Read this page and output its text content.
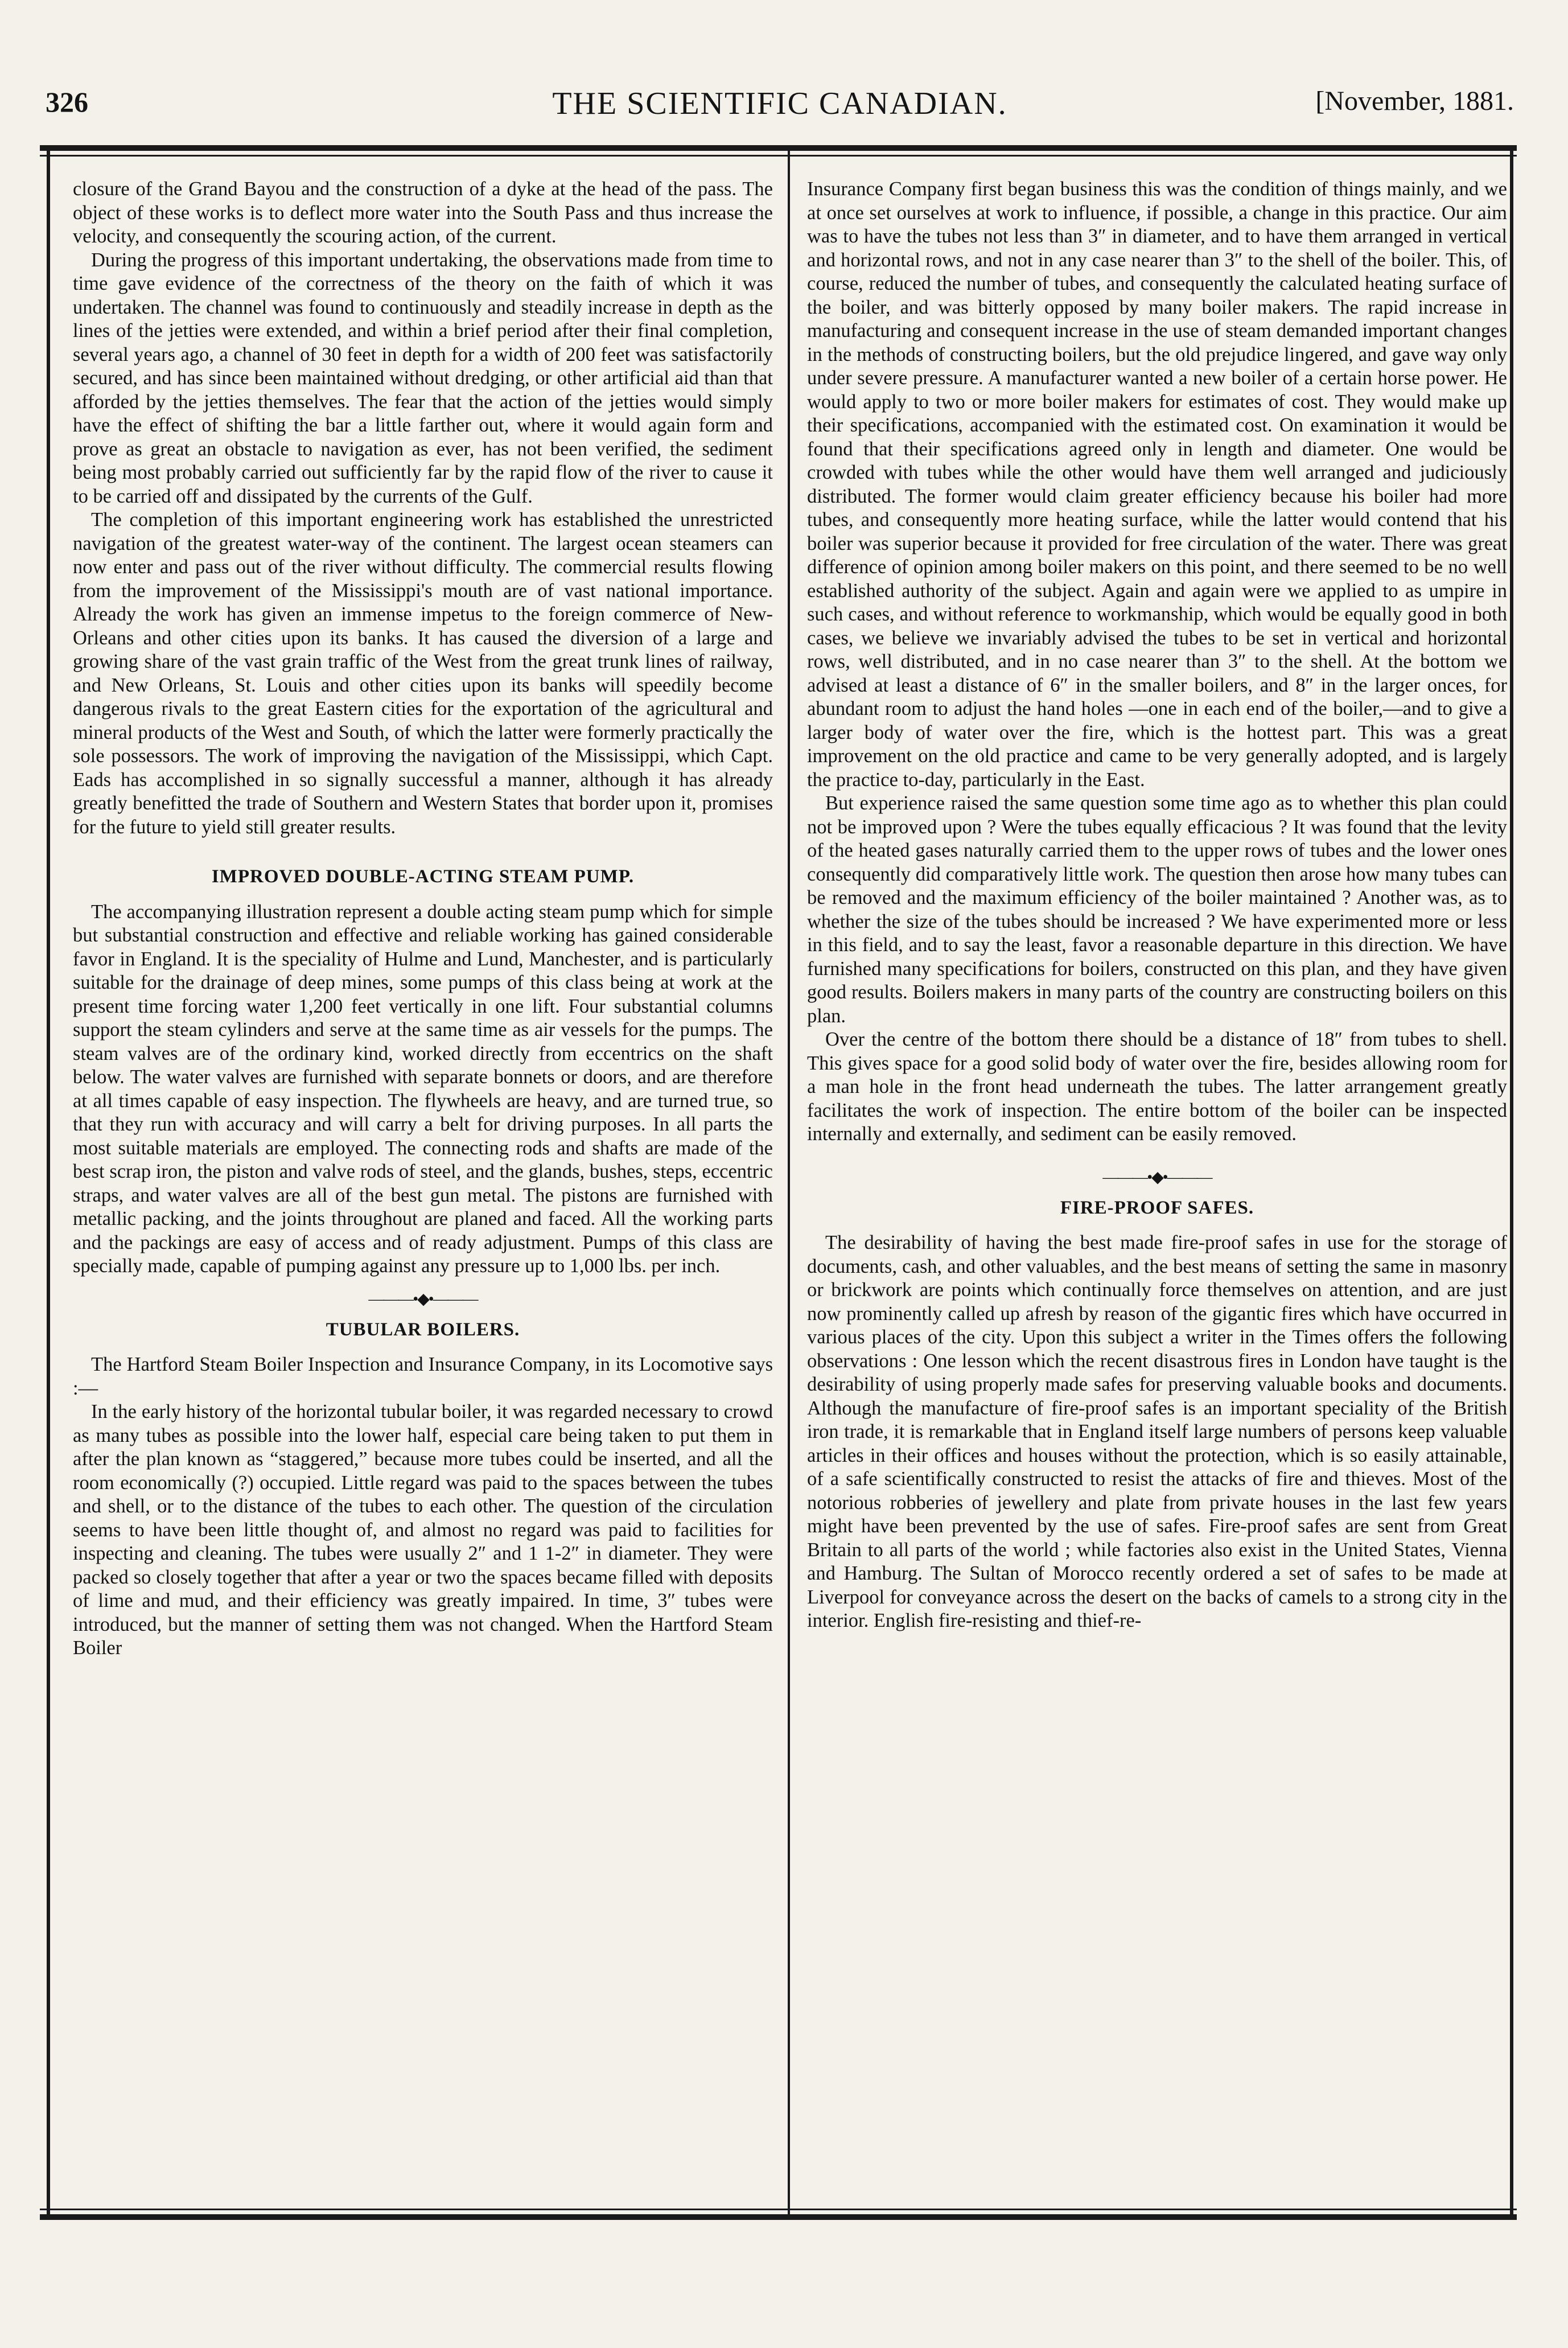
326	THE SCIENTIFIC CANADIAN.	[November, 1881.

closure of the Grand Bayou and the construction of a dyke at the head of the pass. The object of these works is to deflect more water into the South Pass and thus increase the velocity, and consequently the scouring action, of the current.

During the progress of this important undertaking, the observations made from time to time gave evidence of the correctness of the theory on the faith of which it was undertaken. The channel was found to continuously and steadily increase in depth as the lines of the jetties were extended, and within a brief period after their final completion, several years ago, a channel of 30 feet in depth for a width of 200 feet was satisfactorily secured, and has since been maintained without dredging, or other artificial aid than that afforded by the jetties themselves. The fear that the action of the jetties would simply have the effect of shifting the bar a little farther out, where it would again form and prove as great an obstacle to navigation as ever, has not been verified, the sediment being most probably carried out sufficiently far by the rapid flow of the river to cause it to be carried off and dissipated by the currents of the Gulf.

The completion of this important engineering work has established the unrestricted navigation of the greatest water-way of the continent. The largest ocean steamers can now enter and pass out of the river without difficulty. The commercial results flowing from the improvement of the Mississippi's mouth are of vast national importance. Already the work has given an immense impetus to the foreign commerce of New-Orleans and other cities upon its banks. It has caused the diversion of a large and growing share of the vast grain traffic of the West from the great trunk lines of railway, and New Orleans, St. Louis and other cities upon its banks will speedily become dangerous rivals to the great Eastern cities for the exportation of the agricultural and mineral products of the West and South, of which the latter were formerly practically the sole possessors. The work of improving the navigation of the Mississippi, which Capt. Eads has accomplished in so signally successful a manner, although it has already greatly benefitted the trade of Southern and Western States that border upon it, promises for the future to yield still greater results.

IMPROVED DOUBLE-ACTING STEAM PUMP.

The accompanying illustration represent a double acting steam pump which for simple but substantial construction and effective and reliable working has gained considerable favor in England. It is the speciality of Hulme and Lund, Manchester, and is particularly suitable for the drainage of deep mines, some pumps of this class being at work at the present time forcing water 1,200 feet vertically in one lift. Four substantial columns support the steam cylinders and serve at the same time as air vessels for the pumps. The steam valves are of the ordinary kind, worked directly from eccentrics on the shaft below. The water valves are furnished with separate bonnets or doors, and are therefore at all times capable of easy inspection. The flywheels are heavy, and are turned true, so that they run with accuracy and will carry a belt for driving purposes. In all parts the most suitable materials are employed. The connecting rods and shafts are made of the best scrap iron, the piston and valve rods of steel, and the glands, bushes, steps, eccentric straps, and water valves are all of the best gun metal. The pistons are furnished with metallic packing, and the joints throughout are planed and faced. All the working parts and the packings are easy of access and of ready adjustment. Pumps of this class are specially made, capable of pumping against any pressure up to 1,000 lbs. per inch.

———•◆•———
TUBULAR BOILERS.

The Hartford Steam Boiler Inspection and Insurance Company, in its Locomotive says :—

In the early history of the horizontal tubular boiler, it was regarded necessary to crowd as many tubes as possible into the lower half, especial care being taken to put them in after the plan known as “staggered,” because more tubes could be inserted, and all the room economically (?) occupied. Little regard was paid to the spaces between the tubes and shell, or to the distance of the tubes to each other. The question of the circulation seems to have been little thought of, and almost no regard was paid to facilities for inspecting and cleaning. The tubes were usually 2″ and 1 1-2″ in diameter. They were packed so closely together that after a year or two the spaces became filled with deposits of lime and mud, and their efficiency was greatly impaired. In time, 3″ tubes were introduced, but the manner of setting them was not changed. When the Hartford Steam Boiler

Insurance Company first began business this was the condition of things mainly, and we at once set ourselves at work to influence, if possible, a change in this practice. Our aim was to have the tubes not less than 3″ in diameter, and to have them arranged in vertical and horizontal rows, and not in any case nearer than 3″ to the shell of the boiler. This, of course, reduced the number of tubes, and consequently the calculated heating surface of the boiler, and was bitterly opposed by many boiler makers. The rapid increase in manufacturing and consequent increase in the use of steam demanded important changes in the methods of constructing boilers, but the old prejudice lingered, and gave way only under severe pressure. A manufacturer wanted a new boiler of a certain horse power. He would apply to two or more boiler makers for estimates of cost. They would make up their specifications, accompanied with the estimated cost. On examination it would be found that their specifications agreed only in length and diameter. One would be crowded with tubes while the other would have them well arranged and judiciously distributed. The former would claim greater efficiency because his boiler had more tubes, and consequently more heating surface, while the latter would contend that his boiler was superior because it provided for free circulation of the water. There was great difference of opinion among boiler makers on this point, and there seemed to be no well established authority of the subject. Again and again were we applied to as umpire in such cases, and without reference to workmanship, which would be equally good in both cases, we believe we invariably advised the tubes to be set in vertical and horizontal rows, well distributed, and in no case nearer than 3″ to the shell. At the bottom we advised at least a distance of 6″ in the smaller boilers, and 8″ in the larger onces, for abundant room to adjust the hand holes —one in each end of the boiler,—and to give a larger body of water over the fire, which is the hottest part. This was a great improvement on the old practice and came to be very generally adopted, and is largely the practice to-day, particularly in the East.

But experience raised the same question some time ago as to whether this plan could not be improved upon ? Were the tubes equally efficacious ? It was found that the levity of the heated gases naturally carried them to the upper rows of tubes and the lower ones consequently did comparatively little work. The question then arose how many tubes can be removed and the maximum efficiency of the boiler maintained ? Another was, as to whether the size of the tubes should be increased ? We have experimented more or less in this field, and to say the least, favor a reasonable departure in this direction. We have furnished many specifications for boilers, constructed on this plan, and they have given good results. Boilers makers in many parts of the country are constructing boilers on this plan.

Over the centre of the bottom there should be a distance of 18″ from tubes to shell. This gives space for a good solid body of water over the fire, besides allowing room for a man hole in the front head underneath the tubes. The latter arrangement greatly facilitates the work of inspection. The entire bottom of the boiler can be inspected internally and externally, and sediment can be easily removed.

———•◆•———
FIRE-PROOF SAFES.

The desirability of having the best made fire-proof safes in use for the storage of documents, cash, and other valuables, and the best means of setting the same in masonry or brickwork are points which continually force themselves on attention, and are just now prominently called up afresh by reason of the gigantic fires which have occurred in various places of the city. Upon this subject a writer in the Times offers the following observations : One lesson which the recent disastrous fires in London have taught is the desirability of using properly made safes for preserving valuable books and documents. Although the manufacture of fire-proof safes is an important speciality of the British iron trade, it is remarkable that in England itself large numbers of persons keep valuable articles in their offices and houses without the protection, which is so easily attainable, of a safe scientifically constructed to resist the attacks of fire and thieves. Most of the notorious robberies of jewellery and plate from private houses in the last few years might have been prevented by the use of safes. Fire-proof safes are sent from Great Britain to all parts of the world ; while factories also exist in the United States, Vienna and Hamburg. The Sultan of Morocco recently ordered a set of safes to be made at Liverpool for conveyance across the desert on the backs of camels to a strong city in the interior. English fire-resisting and thief-re-
